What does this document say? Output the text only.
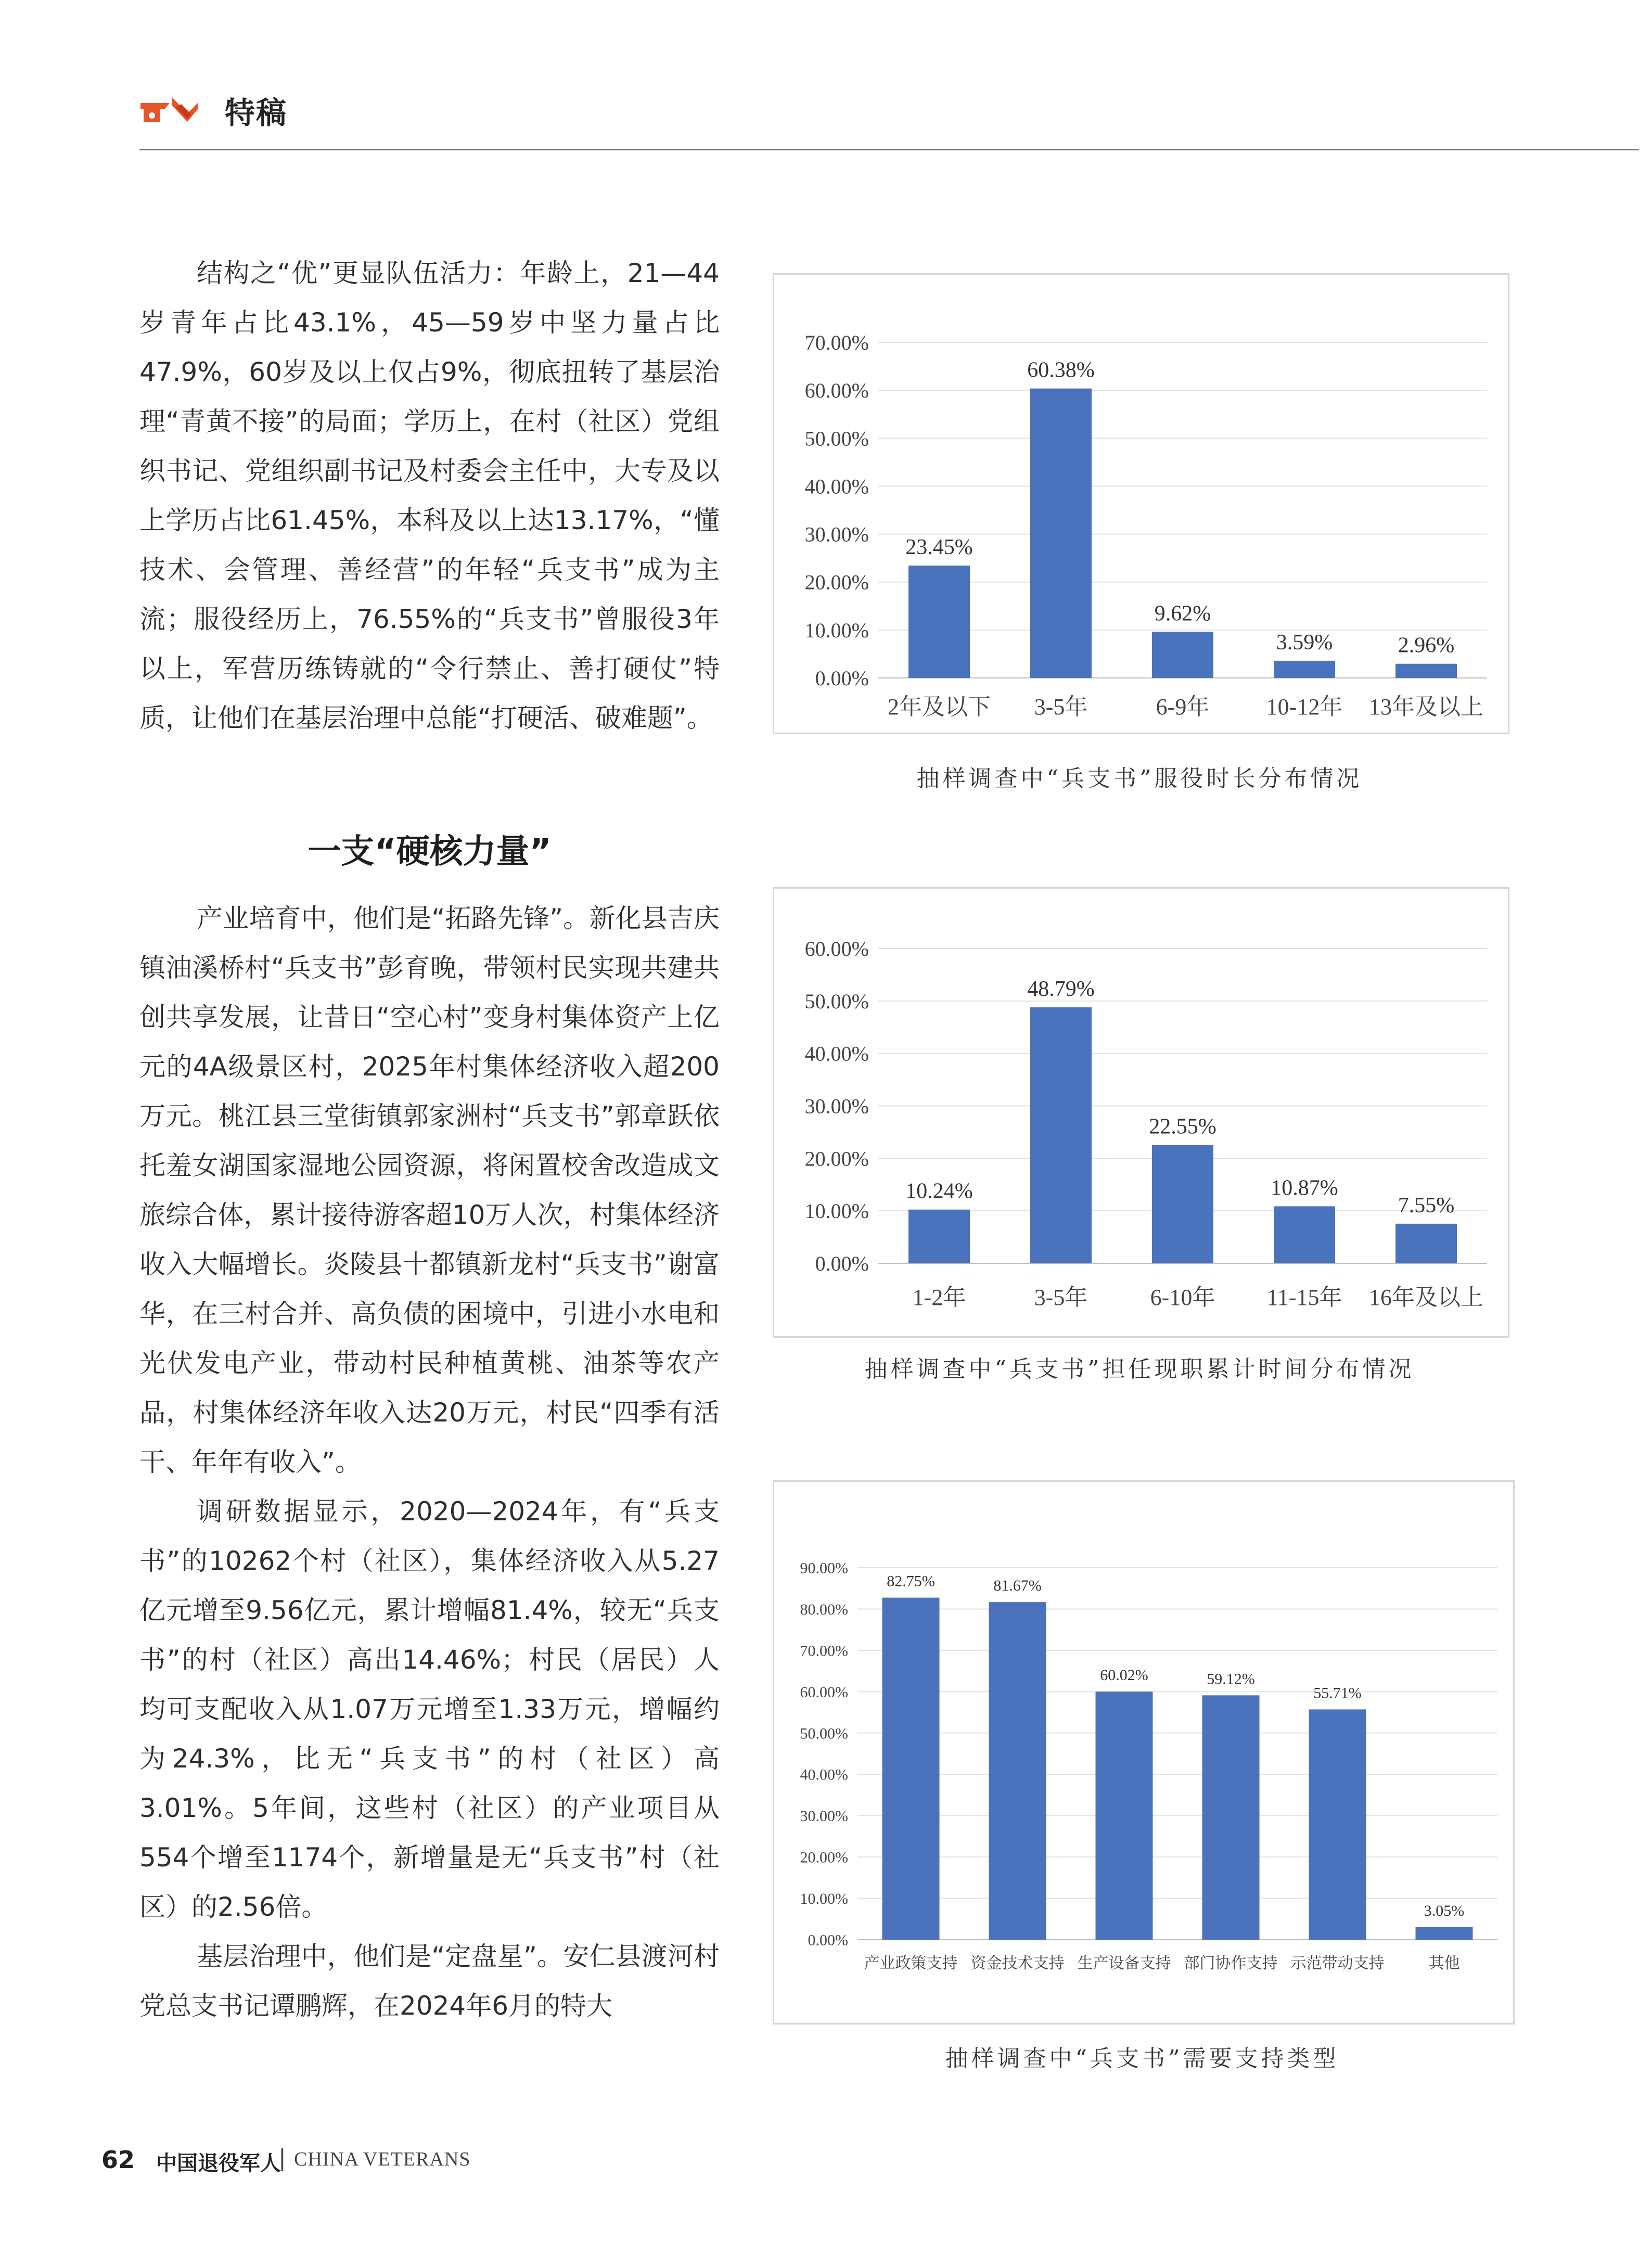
特稿

结构之“优”更显队伍活力：年龄上，21—44岁青年占比43.1%，45—59岁中坚力量占比47.9%，60岁及以上仅占9%，彻底扭转了基层治理“青黄不接”的局面；学历上，在村（社区）党组织书记、党组织副书记及村委会主任中，大专及以上学历占比61.45%，本科及以上达13.17%，“懂技术、会管理、善经营”的年轻“兵支书”成为主流；服役经历上，76.55%的“兵支书”曾服役3年以上，军营历练铸就的“令行禁止、善打硬仗”特质，让他们在基层治理中总能“打硬活、破难题”。

一支“硬核力量”

产业培育中，他们是“拓路先锋”。新化县吉庆镇油溪桥村“兵支书”彭育晚，带领村民实现共建共创共享发展，让昔日“空心村”变身村集体资产上亿元的4A级景区村，2025年村集体经济收入超200万元。桃江县三堂街镇郭家洲村“兵支书”郭章跃依托羞女湖国家湿地公园资源，将闲置校舍改造成文旅综合体，累计接待游客超10万人次，村集体经济收入大幅增长。炎陵县十都镇新龙村“兵支书”谢富华，在三村合并、高负债的困境中，引进小水电和光伏发电产业，带动村民种植黄桃、油茶等农产品，村集体经济年收入达20万元，村民“四季有活干、年年有收入”。

调研数据显示，2020—2024年，有“兵支书”的10262个村（社区），集体经济收入从5.27亿元增至9.56亿元，累计增幅81.4%，较无“兵支书”的村（社区）高出14.46%；村民（居民）人均可支配收入从1.07万元增至1.33万元，增幅约为24.3%，比无“兵支书”的村（社区）高3.01%。5年间，这些村（社区）的产业项目从554个增至1174个，新增量是无“兵支书”村（社区）的2.56倍。

基层治理中，他们是“定盘星”。安仁县渡河村党总支书记谭鹏辉，在2024年6月的特大

0.00%
10.00%
20.00%
30.00%
40.00%
50.00%
60.00%
70.00%
23.45%
2年及以下
60.38%
3-5年
9.62%
6-9年
3.59%
10-12年
2.96%
13年及以上
抽样调查中“兵支书”服役时长分布情况
0.00%
10.00%
20.00%
30.00%
40.00%
50.00%
60.00%
10.24%
1-2年
48.79%
3-5年
22.55%
6-10年
10.87%
11-15年
7.55%
16年及以上
抽样调查中“兵支书”担任现职累计时间分布情况
0.00%
10.00%
20.00%
30.00%
40.00%
50.00%
60.00%
70.00%
80.00%
90.00%
82.75%
产业政策支持
81.67%
资金技术支持
60.02%
生产设备支持
59.12%
部门协作支持
55.71%
示范带动支持
3.05%
其他
抽样调查中“兵支书”需要支持类型
62 中国退役军人
| CHINA VETERANS
